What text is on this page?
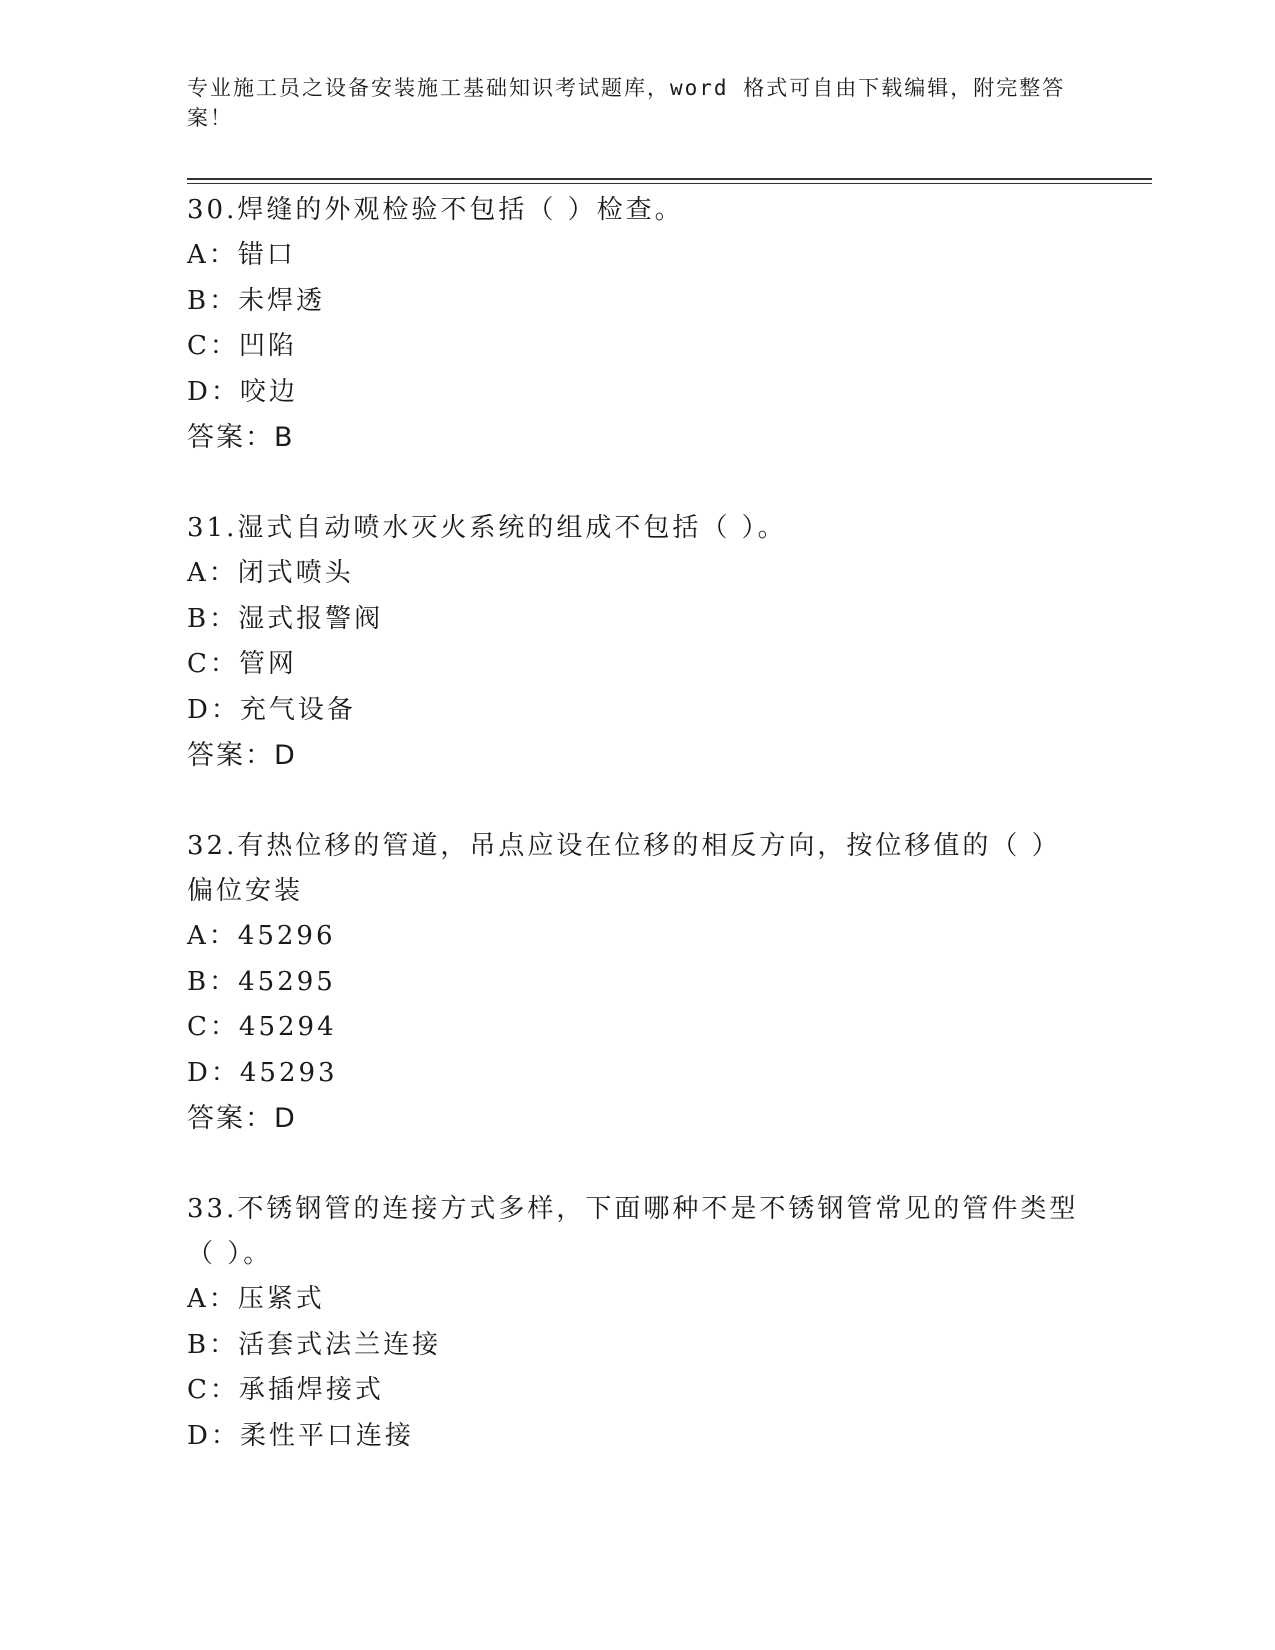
专业施工员之设备安装施工基础知识考试题库，word 格式可自由下载编辑，附完整答案！
30.焊缝的外观检验不包括（ ）检查。
A：错口
B：未焊透
C：凹陷
D：咬边
答案：B
31.湿式自动喷水灭火系统的组成不包括（ ）。
A：闭式喷头
B：湿式报警阀
C：管网
D：充气设备
答案：D
32.有热位移的管道，吊点应设在位移的相反方向，按位移值的（ ）偏位安装
A：45296
B：45295
C：45294
D：45293
答案：D
33.不锈钢管的连接方式多样，下面哪种不是不锈钢管常见的管件类型（ ）。
A：压紧式
B：活套式法兰连接
C：承插焊接式
D：柔性平口连接
